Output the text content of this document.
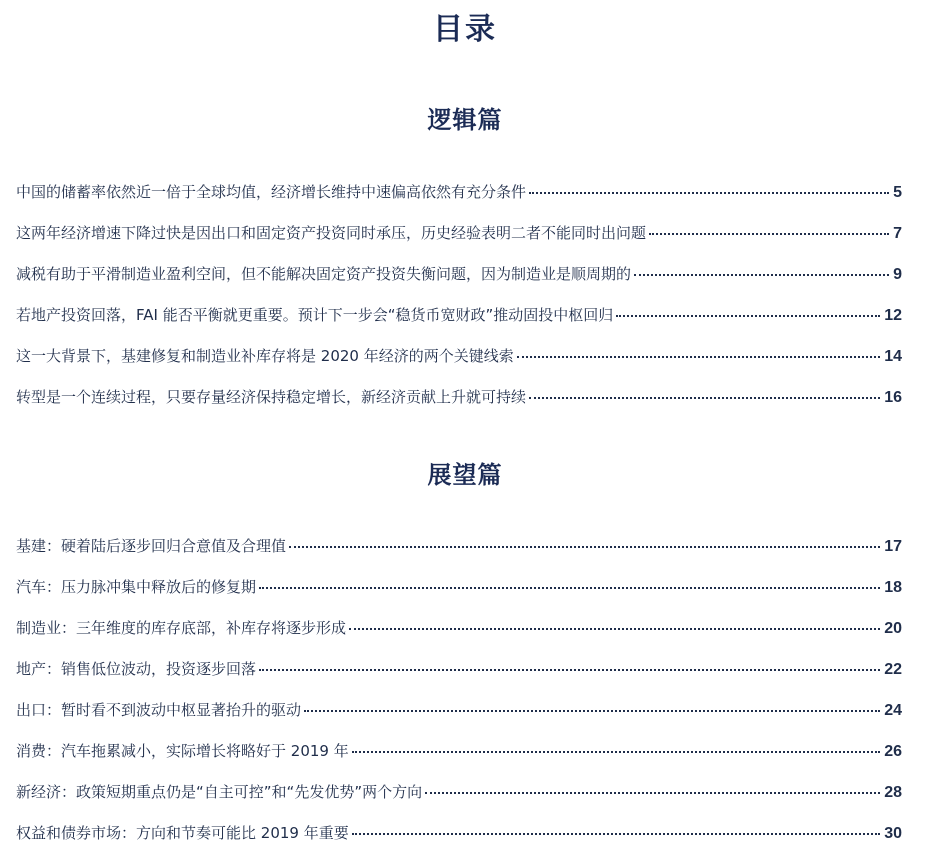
目录
逻辑篇
中国的储蓄率依然近一倍于全球均值，经济增长维持中速偏高依然有充分条件	5
这两年经济增速下降过快是因出口和固定资产投资同时承压，历史经验表明二者不能同时出问题	7
减税有助于平滑制造业盈利空间，但不能解决固定资产投资失衡问题，因为制造业是顺周期的	9
若地产投资回落，FAI 能否平衡就更重要。预计下一步会“稳货币宽财政”推动固投中枢回归	12
这一大背景下，基建修复和制造业补库存将是 2020 年经济的两个关键线索	14
转型是一个连续过程，只要存量经济保持稳定增长，新经济贡献上升就可持续	16
展望篇
基建：硬着陆后逐步回归合意值及合理值	17
汽车：压力脉冲集中释放后的修复期	18
制造业：三年维度的库存底部，补库存将逐步形成	20
地产：销售低位波动，投资逐步回落	22
出口：暂时看不到波动中枢显著抬升的驱动	24
消费：汽车拖累减小，实际增长将略好于 2019 年	26
新经济：政策短期重点仍是“自主可控”和“先发优势”两个方向	28
权益和债券市场：方向和节奏可能比 2019 年重要	30
